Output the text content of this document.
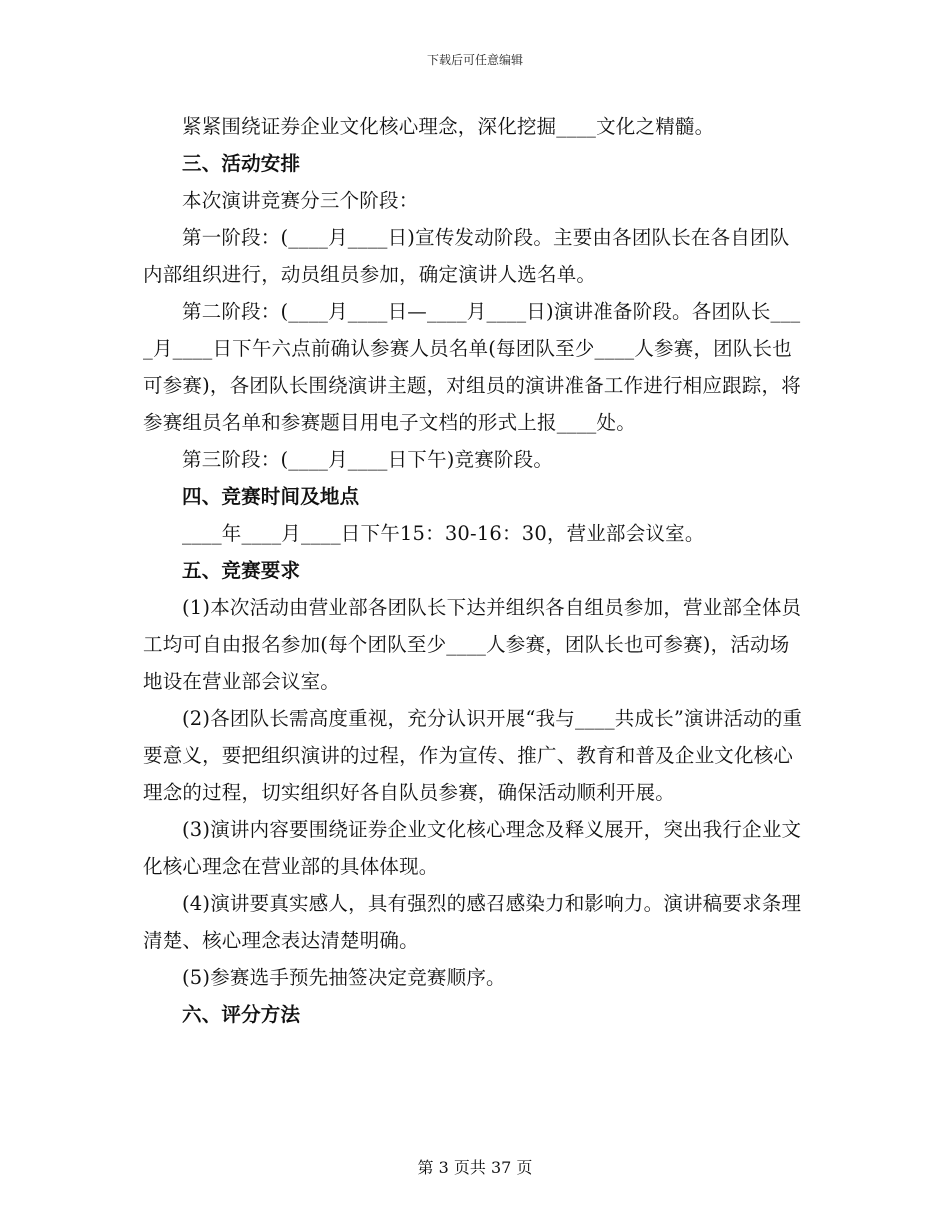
下载后可任意编辑

紧紧围绕证券企业文化核心理念，深化挖掘____文化之精髓。

三、活动安排

本次演讲竞赛分三个阶段：

第一阶段：(____月____日)宣传发动阶段。主要由各团队长在各自团队内部组织进行，动员组员参加，确定演讲人选名单。

第二阶段：(____月____日—____月____日)演讲准备阶段。各团队长____月____日下午六点前确认参赛人员名单(每团队至少____人参赛，团队长也可参赛)，各团队长围绕演讲主题，对组员的演讲准备工作进行相应跟踪，将参赛组员名单和参赛题目用电子文档的形式上报____处。

第三阶段：(____月____日下午)竞赛阶段。

四、竞赛时间及地点

____年____月____日下午15：30-16：30，营业部会议室。

五、竞赛要求

(1)本次活动由营业部各团队长下达并组织各自组员参加，营业部全体员工均可自由报名参加(每个团队至少____人参赛，团队长也可参赛)，活动场地设在营业部会议室。

(2)各团队长需高度重视，充分认识开展“我与____共成长”演讲活动的重要意义，要把组织演讲的过程，作为宣传、推广、教育和普及企业文化核心理念的过程，切实组织好各自队员参赛，确保活动顺利开展。

(3)演讲内容要围绕证券企业文化核心理念及释义展开，突出我行企业文化核心理念在营业部的具体体现。

(4)演讲要真实感人，具有强烈的感召感染力和影响力。演讲稿要求条理清楚、核心理念表达清楚明确。

(5)参赛选手预先抽签决定竞赛顺序。

六、评分方法

第 3 页共 37 页
